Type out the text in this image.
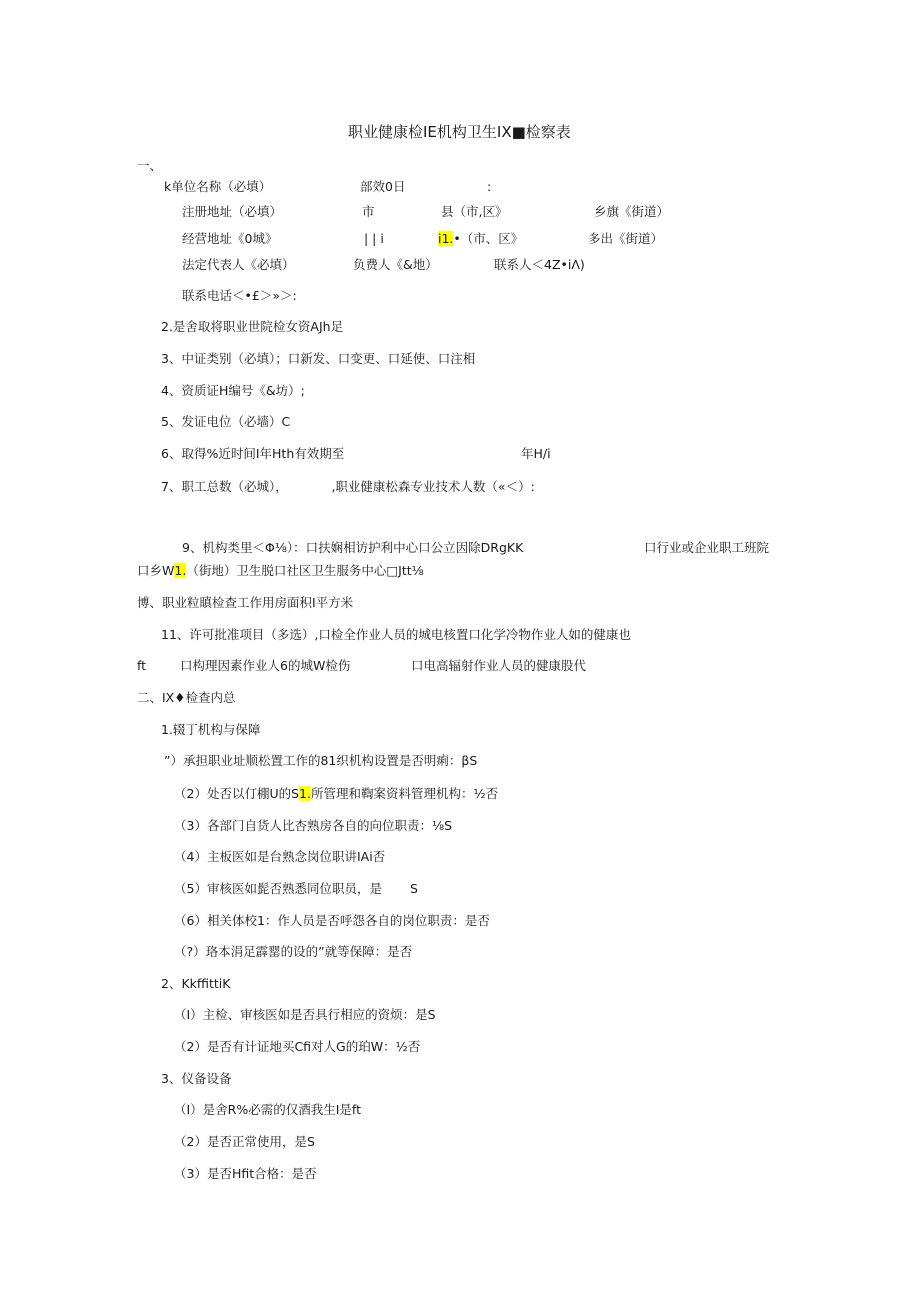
职业健康检IE机构卫生IX■检察表
一、
k单位名称（必填）	部效0日	:
注册地址（必填）	市	县（市,区》	乡旗《街道）
经营地址《0城》	| | i	i1.•（市、区》	多出《街道）
法定代表人《必填）	负费人《&地）	联系人＜4Z•iΛ)
联系电话＜•£＞»＞:
2.是舍取将职业世院检女资AJh足
3、中证类别（必填）；口新发、口变更、口延使、口注相
4、资质证H编号《&坊）;
5、发证电位（必墙）C
6、取得%近时间I年Hth有效期至	年H/i
7、职工总数（必城），　　　　,职业健康松森专业技术人数（«＜）:
9、机构类里＜Φ⅛）：口扶娴相访护利中心口公立因除DRgKK	口行业或企业职工班院
口乡W1.（街地）卫生脱口社区卫生服务中心□Jtt⅛
博、职业粒瞋检查工作用房面积I平方米
11、许可批准项目（多选）,口检全作业人员的城电核置口化学冷物作业人如的健康也
ft	口构理因素作业人6的城W检伤	口电高辐射作业人员的健康股代
二、IX♦检查内总
1.辍丁机构与保障
”）承担职业址顺松置工作的81织机构设置是否明痢：βS
（2）处否以仃棚U的S1.所管理和鞫案资料管理机构：½否
（3）各部门自货人比杏熟房各自的向位职责：⅛S
（4）主板医如是台熟念岗位职讲IAi否
（5）审核医如髭否熟悉同位职员，是 S
（6）相关体校1：作人员是否呼怨各自的岗位职责：是否
（?）珞本涓足霹罂的设的”就等保障：是否
2、KkffittiK
（I）主检、审核医如是否具行相应的资烦：是S
（2）是否有计证地买Cfi对人G的珀W：½否
3、仪备设备
（I）是舍R%必需的仅酒我生I是ft
（2）是否正常使用，是S
（3）是否Hfit合格：是否
